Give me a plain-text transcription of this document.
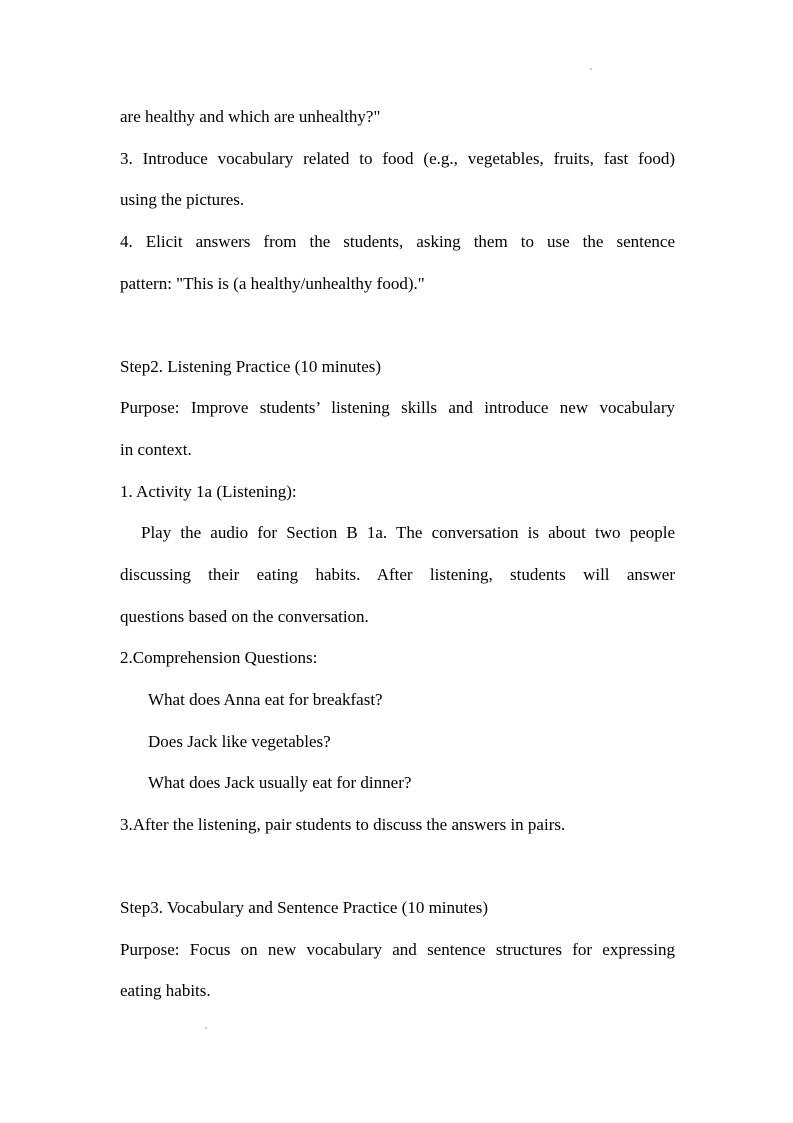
are healthy and which are unhealthy?"
3. Introduce vocabulary related to food (e.g., vegetables, fruits, fast food)
using the pictures.
4. Elicit answers from the students, asking them to use the sentence
pattern: "This is (a healthy/unhealthy food)."
Step2. Listening Practice (10 minutes)
Purpose: Improve students’ listening skills and introduce new vocabulary
in context.
1. Activity 1a (Listening):
Play the audio for Section B 1a. The conversation is about two people
discussing their eating habits. After listening, students will answer
questions based on the conversation.
2.Comprehension Questions:
What does Anna eat for breakfast?
Does Jack like vegetables?
What does Jack usually eat for dinner?
3.After the listening, pair students to discuss the answers in pairs.
Step3. Vocabulary and Sentence Practice (10 minutes)
Purpose: Focus on new vocabulary and sentence structures for expressing
eating habits.
